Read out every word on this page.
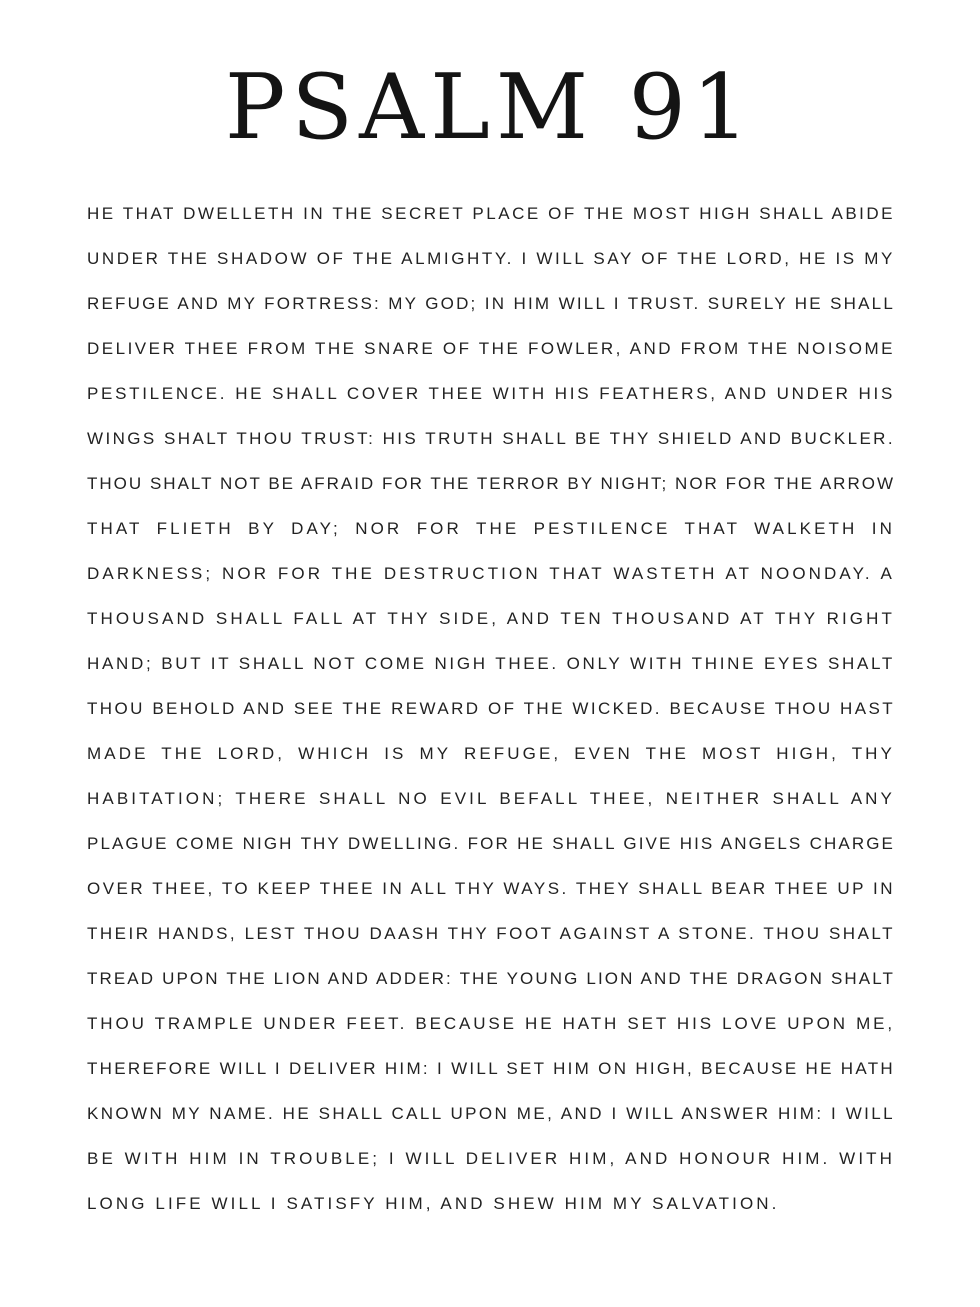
PSALM 91
HE THAT DWELLETH IN THE SECRET PLACE OF THE MOST HIGH SHALL ABIDE
UNDER THE SHADOW OF THE ALMIGHTY. I WILL SAY OF THE LORD, HE IS MY
REFUGE AND MY FORTRESS: MY GOD; IN HIM WILL I TRUST. SURELY HE SHALL
DELIVER THEE FROM THE SNARE OF THE FOWLER, AND FROM THE NOISOME
PESTILENCE. HE SHALL COVER THEE WITH HIS FEATHERS, AND UNDER HIS
WINGS SHALT THOU TRUST: HIS TRUTH SHALL BE THY SHIELD AND BUCKLER.
THOU SHALT NOT BE AFRAID FOR THE TERROR BY NIGHT; NOR FOR THE ARROW
THAT FLIETH BY DAY; NOR FOR THE PESTILENCE THAT WALKETH IN
DARKNESS; NOR FOR THE DESTRUCTION THAT WASTETH AT NOONDAY. A
THOUSAND SHALL FALL AT THY SIDE, AND TEN THOUSAND AT THY RIGHT
HAND; BUT IT SHALL NOT COME NIGH THEE. ONLY WITH THINE EYES SHALT
THOU BEHOLD AND SEE THE REWARD OF THE WICKED. BECAUSE THOU HAST
MADE THE LORD, WHICH IS MY REFUGE, EVEN THE MOST HIGH, THY
HABITATION; THERE SHALL NO EVIL BEFALL THEE, NEITHER SHALL ANY
PLAGUE COME NIGH THY DWELLING. FOR HE SHALL GIVE HIS ANGELS CHARGE
OVER THEE, TO KEEP THEE IN ALL THY WAYS. THEY SHALL BEAR THEE UP IN
THEIR HANDS, LEST THOU DAASH THY FOOT AGAINST A STONE. THOU SHALT
TREAD UPON THE LION AND ADDER: THE YOUNG LION AND THE DRAGON SHALT
THOU TRAMPLE UNDER FEET. BECAUSE HE HATH SET HIS LOVE UPON ME,
THEREFORE WILL I DELIVER HIM: I WILL SET HIM ON HIGH, BECAUSE HE HATH
KNOWN MY NAME. HE SHALL CALL UPON ME, AND I WILL ANSWER HIM: I WILL
BE WITH HIM IN TROUBLE; I WILL DELIVER HIM, AND HONOUR HIM. WITH
LONG LIFE WILL I SATISFY HIM, AND SHEW HIM MY SALVATION.
